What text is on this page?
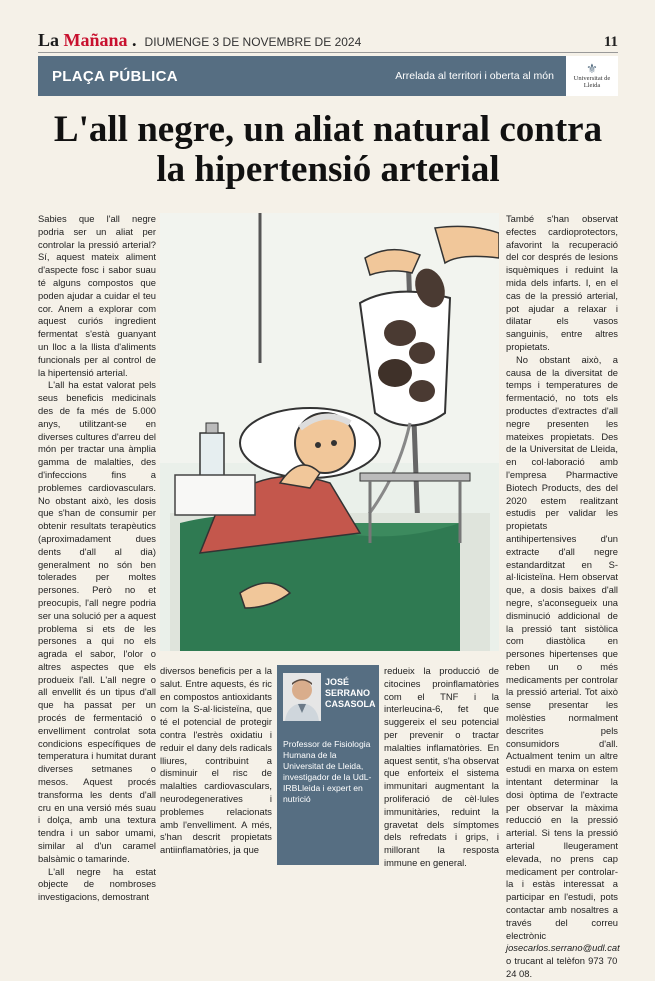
La Mañana . DIUMENGE 3 DE NOVEMBRE DE 2024	11
PLAÇA PÚBLICA	Arrelada al territori i oberta al món ⚜
Universitat de Lleida
L'all negre, un aliat natural contra la hipertensió arterial

Sabies que l'all negre podria ser un aliat per controlar la pressió arterial? Sí, aquest mateix aliment d'aspecte fosc i sabor suau té alguns compostos que poden ajudar a cuidar el teu cor. Anem a explorar com aquest curiós ingredient fermentat s'està guanyant un lloc a la llista d'aliments funcionals per al control de la hipertensió arterial.

L'all ha estat valorat pels seus beneficis medicinals des de fa més de 5.000 anys, utilitzant-se en diverses cultures d'arreu del món per tractar una àmplia gamma de malalties, des d'infeccions fins a problemes cardiovasculars. No obstant això, les dosis que s'han de consumir per obtenir resultats terapèutics (aproximadament dues dents d'all al dia) generalment no són ben tolerades per moltes persones. Però no et preocupis, l'all negre podria ser una solució per a aquest problema si ets de les persones a qui no els agrada el sabor, l'olor o altres aspectes que els produeix l'all. L'all negre o all envellit és un tipus d'all que ha passat per un procés de fermentació o envelliment controlat sota condicions específiques de temperatura i humitat durant diverses setmanes o mesos. Aquest procés transforma les dents d'all cru en una versió més suau i dolça, amb una textura tendra i un sabor umami, similar al d'un caramel balsàmic o tamarinde.

L'all negre ha estat objecte de nombroses investigacions, demostrant

diversos beneficis per a la salut. Entre aquests, és ric en compostos antioxidants com la S-al·licisteïna, que té el potencial de protegir contra l'estrès oxidatiu i reduir el dany dels radicals lliures, contribuint a disminuir el risc de malalties cardiovasculars, neurodegeneratives i problemes relacionats amb l'envelliment. A més, s'han descrit propietats antiinflamatòries, ja que

JOSÉ
SERRANO
CASASOLA
Professor de Fisiologia Humana de la Universitat de Lleida, investigador de la UdL-IRBLleida i expert en nutrició

redueix la producció de citocines proinflamatòries com el TNF i la interleucina-6, fet que suggereix el seu potencial per prevenir o tractar malalties inflamatòries. En aquest sentit, s'ha observat que enforteix el sistema immunitari augmentant la proliferació de cèl·lules immunitàries, reduint la gravetat dels símptomes dels refredats i grips, i millorant la resposta immune en general.

També s'han observat efectes cardioprotectors, afavorint la recuperació del cor després de lesions isquèmiques i reduint la mida dels infarts. I, en el cas de la pressió arterial, pot ajudar a relaxar i dilatar els vasos sanguinis, entre altres propietats.

No obstant això, a causa de la diversitat de temps i temperatures de fermentació, no tots els productes d'extractes d'all negre presenten les mateixes propietats. Des de la Universitat de Lleida, en col·laboració amb l'empresa Pharmactive Biotech Products, des del 2020 estem realitzant estudis per validar les propietats antihipertensives d'un extracte d'all negre estandarditzat en S-al·licisteïna. Hem observat que, a dosis baixes d'all negre, s'aconsegueix una disminució addicional de la pressió tant sistòlica com diastòlica en persones hipertenses que reben un o més medicaments per controlar la pressió arterial. Tot això sense presentar les molèsties normalment descrites pels consumidors d'all. Actualment tenim un altre estudi en marxa on estem intentant determinar la dosi òptima de l'extracte per observar la màxima reducció en la pressió arterial. Si tens la pressió arterial lleugerament elevada, no prens cap medicament per controlar-la i estàs interessat a participar en l'estudi, pots contactar amb nosaltres a través del correu electrònic josecarlos.serrano@udl.cat o trucant al telèfon 973 70 24 08.
